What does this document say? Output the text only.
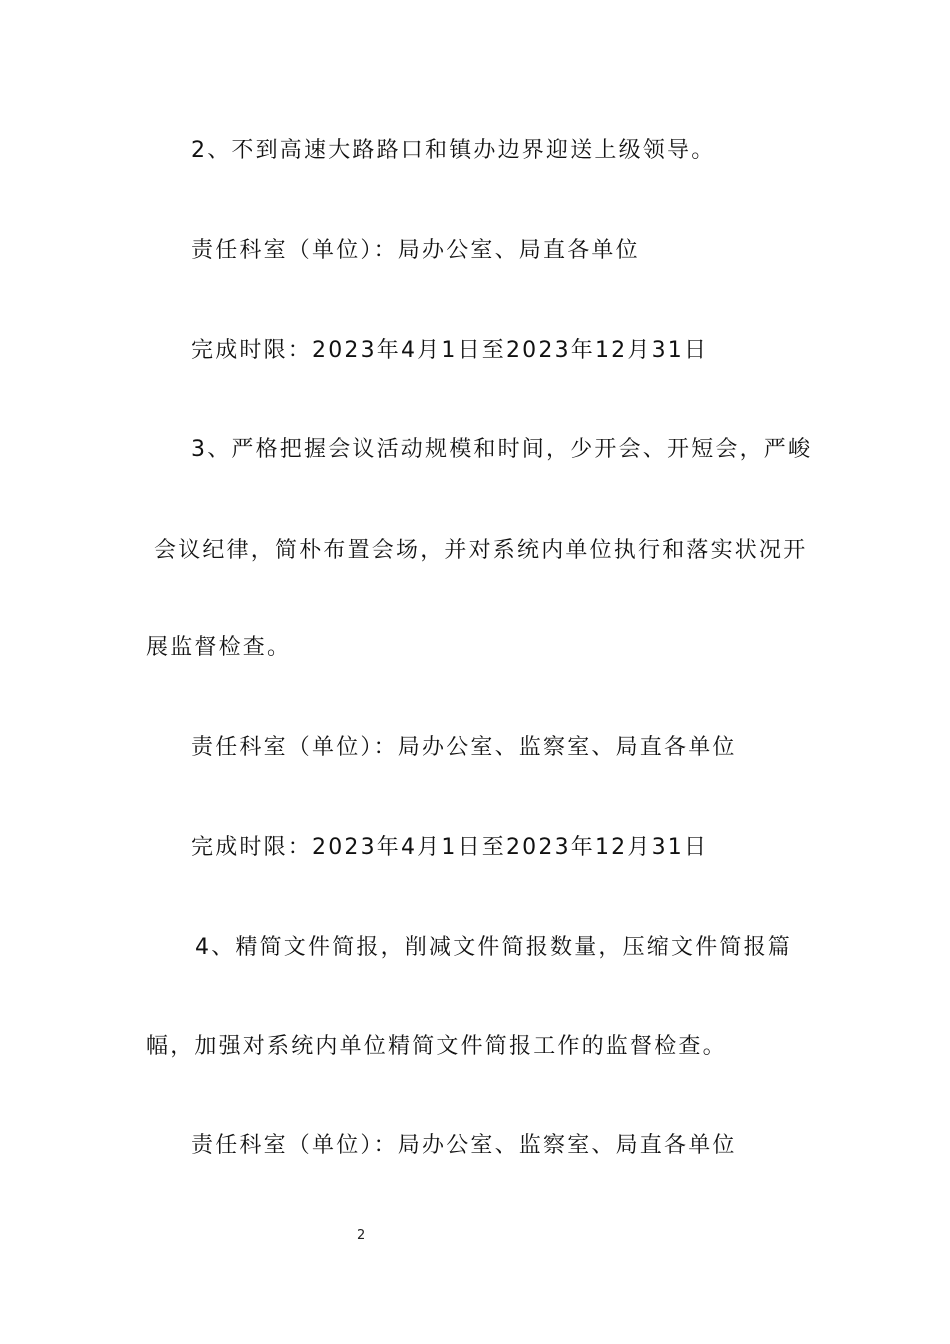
2、不到高速大路路口和镇办边界迎送上级领导。
责任科室（单位）：局办公室、局直各单位
完成时限：2023年4月1日至2023年12月31日
3、严格把握会议活动规模和时间，少开会、开短会，严峻
会议纪律，简朴布置会场，并对系统内单位执行和落实状况开
展监督检查。
责任科室（单位）：局办公室、监察室、局直各单位
完成时限：2023年4月1日至2023年12月31日
4、精简文件简报，削减文件简报数量，压缩文件简报篇
幅，加强对系统内单位精简文件简报工作的监督检查。
责任科室（单位）：局办公室、监察室、局直各单位
2
